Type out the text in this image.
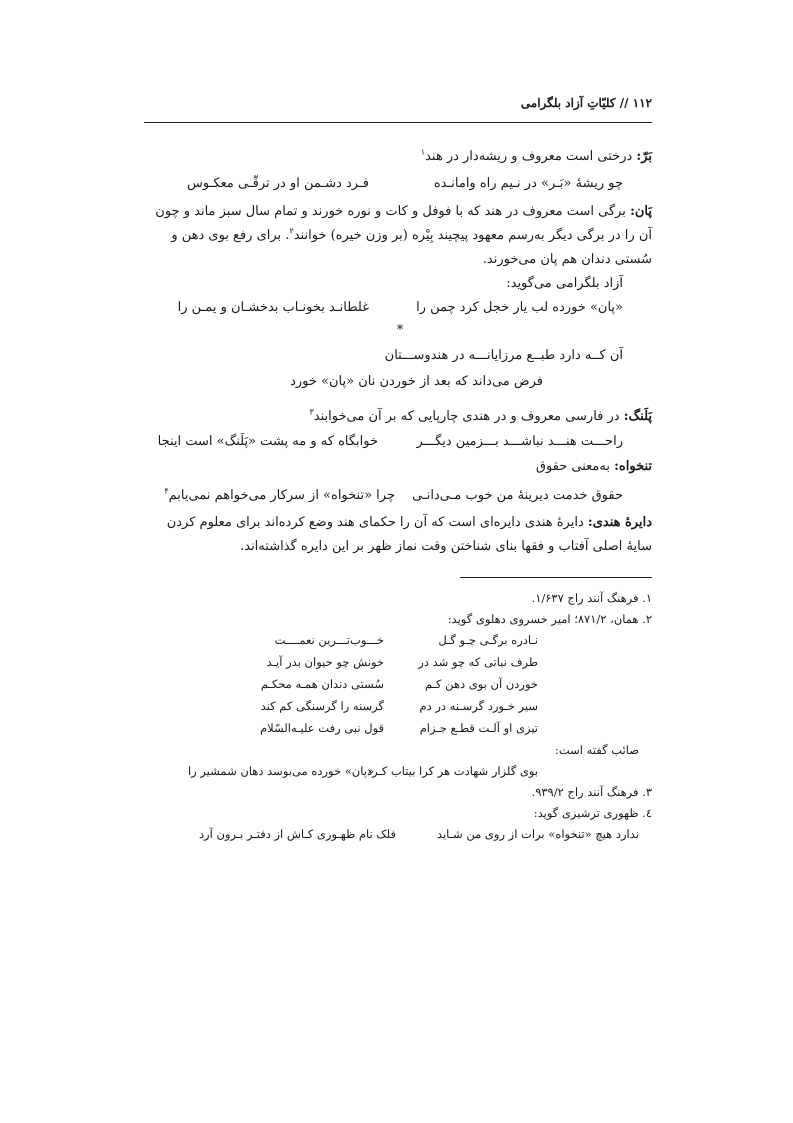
۱۱۲ // کلیّاتِ آزاد بلگرامی
بَرّ: درختی است معروف و ریشه‌دار در هند$^۱$
چو ریشهٔ «بَـر» در نـیم راه وامانـده
فـرد دشـمن او در ترقّـی معکـوس
پَان: برگی است معروف در هند که با فوفل و کات و نوره خورند و تمام سال سبز ماند و چون
آن را در برگی دیگر به‌رسم معهود پیچیند بِیْره (بر وزن خیره) خوانند$^۲$. برای رفع بوی دهن و
سُستی دندان هم پان می‌خورند.
آزاد بلگرامی می‌گوید:
«پان» خورده لب یار خجل کرد چمن را
غلطانـد بخونـاب بدخشـان و یمـن را
*
آن کــه دارد طبــع مرزایانـــه در هندوســـتان
فرض می‌داند که بعد از خوردن نان «پان» خورد
پَلَنگ: در فارسی معروف و در هندی چارپایی که بر آن می‌خوابند$^۳$
راحـــت هنـــد نباشـــد بـــزمین دیگـــر
خوابگاه که و مه پشت «پَلَنگ» است اینجا
تنخواه: به‌معنی حقوق
حقوق خدمت دیرینهٔ من خوب مـی‌دانـی
چرا «تنخواه» از سرکار می‌خواهم نمی‌یابم$^۴$
دایرهٔ هندی: دایرهٔ هندی دایره‌ای است که آن را حکمای هند وضع کرده‌اند برای معلوم کردن
سایهٔ اصلی آفتاب و فقها بنای شناختن وقت نماز ظهر بر این دایره گذاشته‌اند.
۱. فرهنگ آنند راج ۱/۶۳۷.
۲. همان، ۸۷۱/۲؛ امیر خسروی دهلوی گوید:
نـادره برگـی چـو گـل
خـــوب‌تـــرین نعمــــت
طرف نباتی که چو شد در
خونش چو حیوان بدر آیـد
خوردن آن بوی دهن کـم
سُستی دندان همـه محکـم
سیر خـورد گرسـنه در دم
گرسنه را گرسنگی کم کند
تیزی او آلـت قطـع جـزام
قول نبی رفت علیـه‌السّلام
صائب گفته است:
بوی گلزار شهادت هر کرا بیتاب کـرد
«پان» خورده می‌بوسد دهان شمشیر را
۳. فرهنگ آنند راج ۹۳۹/۲.
٤. ظهوری ترشیزی گوید:
ندارد هیچ «تنخواه» برات از روی من شـاید
فلک نام ظهـوری کـاش از دفتـر بـرون آرد
